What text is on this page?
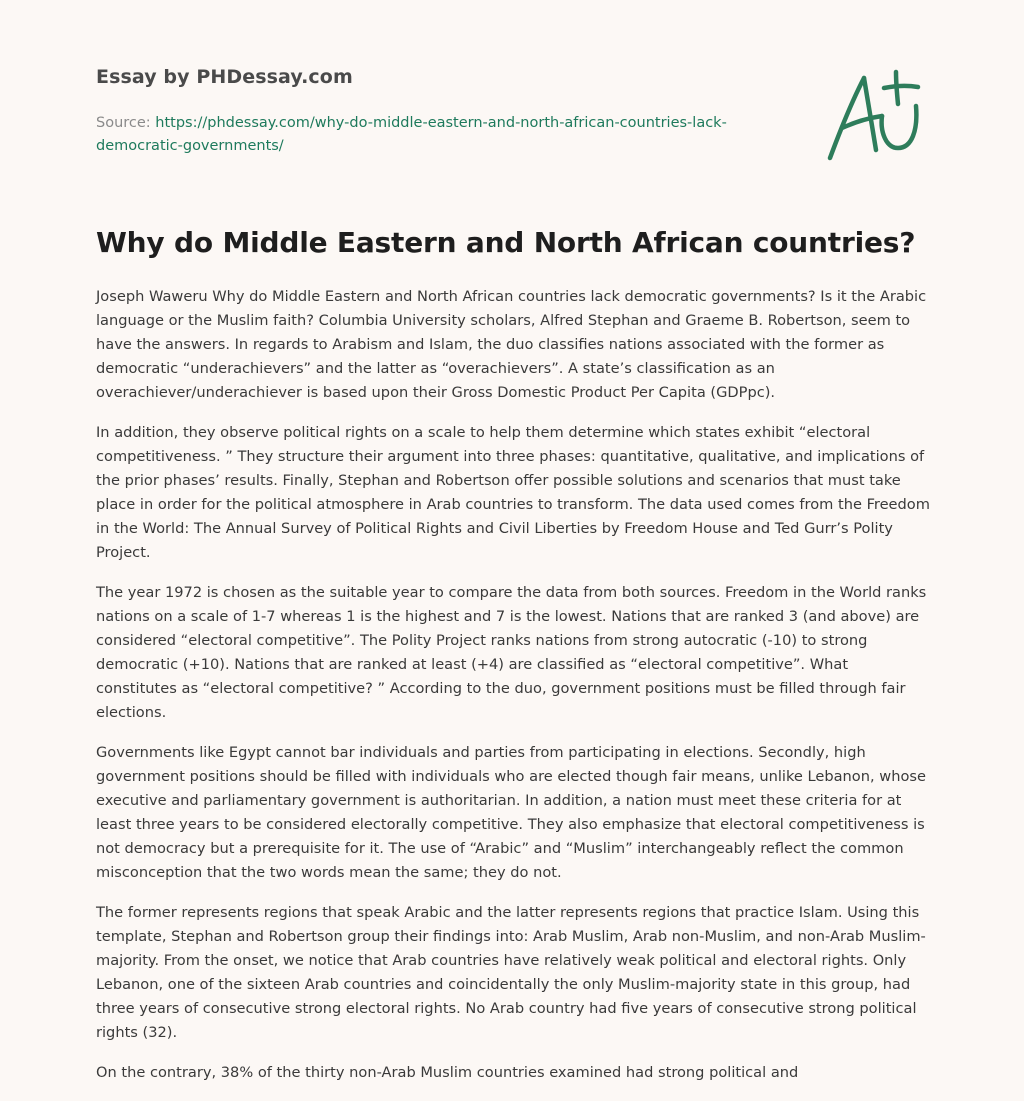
Essay by PHDessay.com
Source: https://phdessay.com/why-do-middle-eastern-and-north-african-countries-lack-democratic-governments/
Why do Middle Eastern and North African countries?

Joseph Waweru Why do Middle Eastern and North African countries lack democratic governments? Is it the Arabic language or the Muslim faith? Columbia University scholars, Alfred Stephan and Graeme B. Robertson, seem to have the answers. In regards to Arabism and Islam, the duo classifies nations associated with the former as democratic “underachievers” and the latter as “overachievers”. A state’s classification as an overachiever/underachiever is based upon their Gross Domestic Product Per Capita (GDPpc).

In addition, they observe political rights on a scale to help them determine which states exhibit “electoral competitiveness. ” They structure their argument into three phases: quantitative, qualitative, and implications of the prior phases’ results. Finally, Stephan and Robertson offer possible solutions and scenarios that must take place in order for the political atmosphere in Arab countries to transform. The data used comes from the Freedom in the World: The Annual Survey of Political Rights and Civil Liberties by Freedom House and Ted Gurr’s Polity Project.

The year 1972 is chosen as the suitable year to compare the data from both sources. Freedom in the World ranks nations on a scale of 1-7 whereas 1 is the highest and 7 is the lowest. Nations that are ranked 3 (and above) are considered “electoral competitive”. The Polity Project ranks nations from strong autocratic (-10) to strong democratic (+10). Nations that are ranked at least (+4) are classified as “electoral competitive”. What constitutes as “electoral competitive? ” According to the duo, government positions must be filled through fair elections.

Governments like Egypt cannot bar individuals and parties from participating in elections. Secondly, high government positions should be filled with individuals who are elected though fair means, unlike Lebanon, whose executive and parliamentary government is authoritarian. In addition, a nation must meet these criteria for at least three years to be considered electorally competitive. They also emphasize that electoral competitiveness is not democracy but a prerequisite for it. The use of “Arabic” and “Muslim” interchangeably reflect the common misconception that the two words mean the same; they do not.

The former represents regions that speak Arabic and the latter represents regions that practice Islam. Using this template, Stephan and Robertson group their findings into: Arab Muslim, Arab non-Muslim, and non-Arab Muslim-majority. From the onset, we notice that Arab countries have relatively weak political and electoral rights. Only Lebanon, one of the sixteen Arab countries and coincidentally the only Muslim-majority state in this group, had three years of consecutive strong electoral rights. No Arab country had five years of consecutive strong political rights (32).

On the contrary, 38% of the thirty non-Arab Muslim countries examined had strong political and
